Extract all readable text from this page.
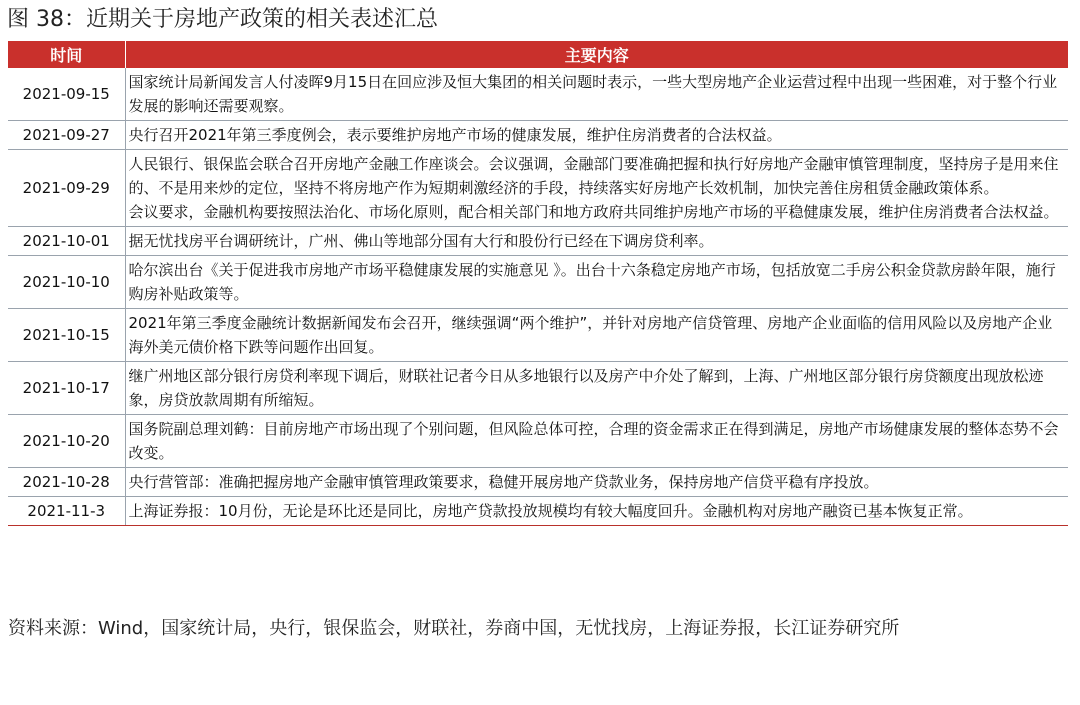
图 38：近期关于房地产政策的相关表述汇总
时间	主要内容
2021-09-15	国家统计局新闻发言人付凌晖9月15日在回应涉及恒大集团的相关问题时表示，一些大型房地产企业运营过程中出现一些困难，对于整个行业发展的影响还需要观察。

2021-09-27	央行召开2021年第三季度例会，表示要维护房地产市场的健康发展，维护住房消费者的合法权益。

2021-09-29	人民银行、银保监会联合召开房地产金融工作座谈会。会议强调，金融部门要准确把握和执行好房地产金融审慎管理制度，坚持房子是用来住的、不是用来炒的定位，坚持不将房地产作为短期刺激经济的手段，持续落实好房地产长效机制，加快完善住房租赁金融政策体系。
会议要求，金融机构要按照法治化、市场化原则，配合相关部门和地方政府共同维护房地产市场的平稳健康发展，维护住房消费者合法权益。

2021-10-01	据无忧找房平台调研统计，广州、佛山等地部分国有大行和股份行已经在下调房贷利率。

2021-10-10	哈尔滨出台《关于促进我市房地产市场平稳健康发展的实施意见 》。出台十六条稳定房地产市场，包括放宽二手房公积金贷款房龄年限，施行购房补贴政策等。

2021-10-15	2021年第三季度金融统计数据新闻发布会召开，继续强调“两个维护”，并针对房地产信贷管理、房地产企业面临的信用风险以及房地产企业海外美元债价格下跌等问题作出回复。

2021-10-17	继广州地区部分银行房贷利率现下调后，财联社记者今日从多地银行以及房产中介处了解到，上海、广州地区部分银行房贷额度出现放松迹象，房贷放款周期有所缩短。

2021-10-20	国务院副总理刘鹤：目前房地产市场出现了个别问题，但风险总体可控，合理的资金需求正在得到满足，房地产市场健康发展的整体态势不会改变。

2021-10-28	央行营管部：准确把握房地产金融审慎管理政策要求，稳健开展房地产贷款业务，保持房地产信贷平稳有序投放。

2021-11-3	上海证券报：10月份，无论是环比还是同比，房地产贷款投放规模均有较大幅度回升。金融机构对房地产融资已基本恢复正常。
资料来源：Wind，国家统计局，央行，银保监会，财联社，券商中国，无忧找房，上海证券报，长江证券研究所
